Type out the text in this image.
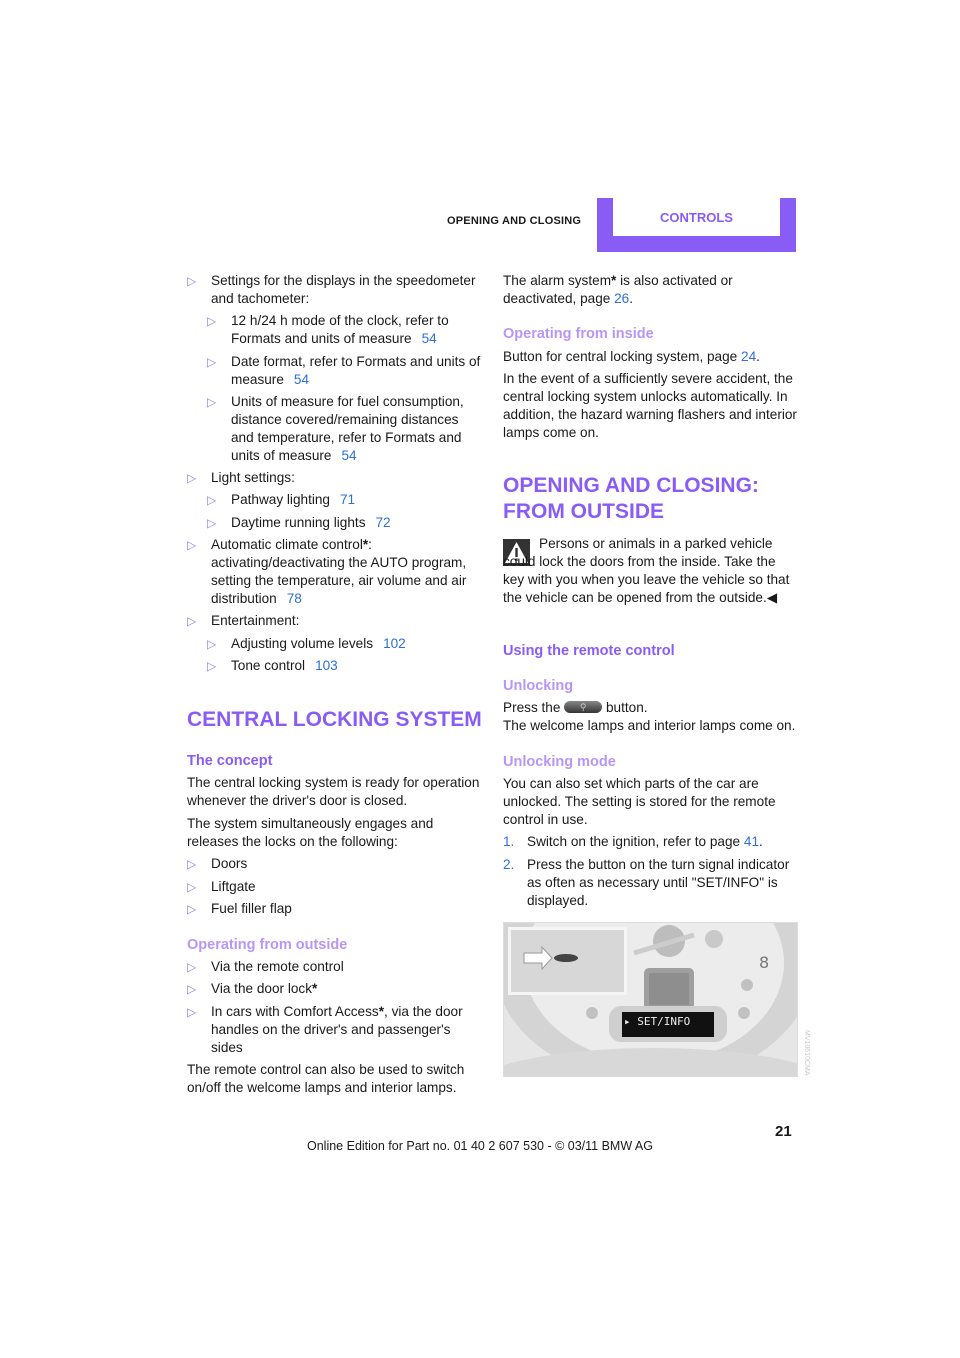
OPENING AND CLOSING	CONTROLS
▷ Settings for the displays in the speedometer and tachometer:
▷ 12 h/24 h mode of the clock, refer to Formats and units of measure 54
▷ Date format, refer to Formats and units of measure 54
▷ Units of measure for fuel consumption, distance covered/remaining distances and temperature, refer to Formats and units of measure 54
▷ Light settings:
▷ Pathway lighting 71
▷ Daytime running lights 72
▷ Automatic climate control*: activating/deactivating the AUTO program, setting the temperature, air volume and air distribution 78
▷ Entertainment:
▷ Adjusting volume levels 102
▷ Tone control 103
CENTRAL LOCKING SYSTEM
The concept
The central locking system is ready for operation whenever the driver's door is closed.
The system simultaneously engages and releases the locks on the following:
▷ Doors
▷ Liftgate
▷ Fuel filler flap
Operating from outside
▷ Via the remote control
▷ Via the door lock*
▷ In cars with Comfort Access*, via the door handles on the driver's and passenger's sides
The remote control can also be used to switch on/off the welcome lamps and interior lamps.
The alarm system* is also activated or deactivated, page 26.
Operating from inside
Button for central locking system, page 24.
In the event of a sufficiently severe accident, the central locking system unlocks automatically. In addition, the hazard warning flashers and interior lamps come on.
OPENING AND CLOSING:
FROM OUTSIDE
Persons or animals in a parked vehicle could lock the doors from the inside. Take the key with you when you leave the vehicle so that the vehicle can be opened from the outside.◀
Using the remote control
Unlocking
Press the ⚲ button.
The welcome lamps and interior lamps come on.
Unlocking mode
You can also set which parts of the car are unlocked. The setting is stored for the remote control in use.
1. Switch on the ignition, refer to page 41.
2. Press the button on the turn signal indicator as often as necessary until "SET/INFO" is displayed.
8
▸ SET/INFO
MV10610CMA
21
Online Edition for Part no. 01 40 2 607 530 - © 03/11 BMW AG
